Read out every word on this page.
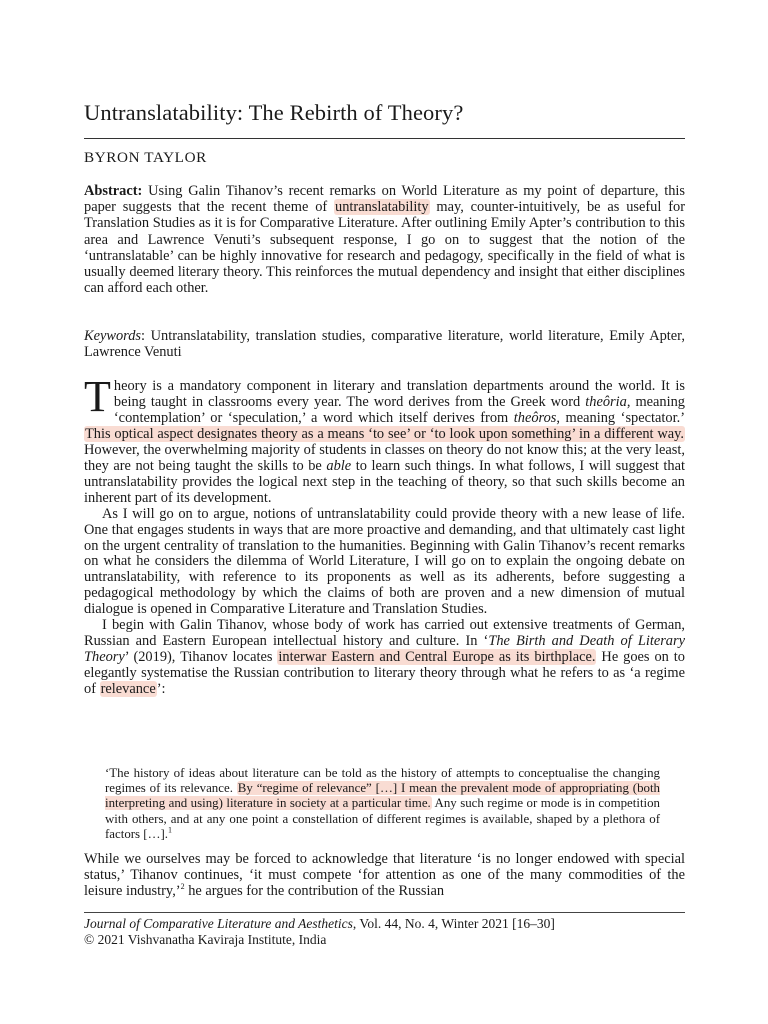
Untranslatability: The Rebirth of Theory?
BYRON TAYLOR

Abstract: Using Galin Tihanov’s recent remarks on World Literature as my point of departure, this paper suggests that the recent theme of untranslatability may, counter-intuitively, be as useful for Translation Studies as it is for Comparative Literature. After outlining Emily Apter’s contribution to this area and Lawrence Venuti’s subsequent response, I go on to suggest that the notion of the ‘untranslatable’ can be highly innovative for research and pedagogy, specifically in the field of what is usually deemed literary theory. This reinforces the mutual dependency and insight that either disciplines can afford each other.

Keywords: Untranslatability, translation studies, comparative literature, world literature, Emily Apter, Lawrence Venuti

Theory is a mandatory component in literary and translation departments around the world. It is being taught in classrooms every year. The word derives from the Greek word theôria, meaning ‘contemplation’ or ‘speculation,’ a word which itself derives from theôros, meaning ‘spectator.’ This optical aspect designates theory as a means ‘to see’ or ‘to look upon something’ in a different way. However, the overwhelming majority of students in classes on theory do not know this; at the very least, they are not being taught the skills to be able to learn such things. In what follows, I will suggest that untranslatability provides the logical next step in the teaching of theory, so that such skills become an inherent part of its development.

As I will go on to argue, notions of untranslatability could provide theory with a new lease of life. One that engages students in ways that are more proactive and demanding, and that ultimately cast light on the urgent centrality of translation to the humanities. Beginning with Galin Tihanov’s recent remarks on what he considers the dilemma of World Literature, I will go on to explain the ongoing debate on untranslatability, with reference to its proponents as well as its adherents, before suggesting a pedagogical methodology by which the claims of both are proven and a new dimension of mutual dialogue is opened in Comparative Literature and Translation Studies.

I begin with Galin Tihanov, whose body of work has carried out extensive treatments of German, Russian and Eastern European intellectual history and culture. In ‘The Birth and Death of Literary Theory’ (2019), Tihanov locates interwar Eastern and Central Europe as its birthplace. He goes on to elegantly systematise the Russian contribution to literary theory through what he refers to as ‘a regime of relevance’:

‘The history of ideas about literature can be told as the history of attempts to conceptualise the changing regimes of its relevance. By “regime of relevance” […] I mean the prevalent mode of appropriating (both interpreting and using) literature in society at a particular time. Any such regime or mode is in competition with others, and at any one point a constellation of different regimes is available, shaped by a plethora of factors […].$^1$

While we ourselves may be forced to acknowledge that literature ‘is no longer endowed with special status,’ Tihanov continues, ‘it must compete ‘for attention as one of the many commodities of the leisure industry,’$^2$ he argues for the contribution of the Russian

Journal of Comparative Literature and Aesthetics, Vol. 44, No. 4, Winter 2021 [16–30]
© 2021 Vishvanatha Kaviraja Institute, India
